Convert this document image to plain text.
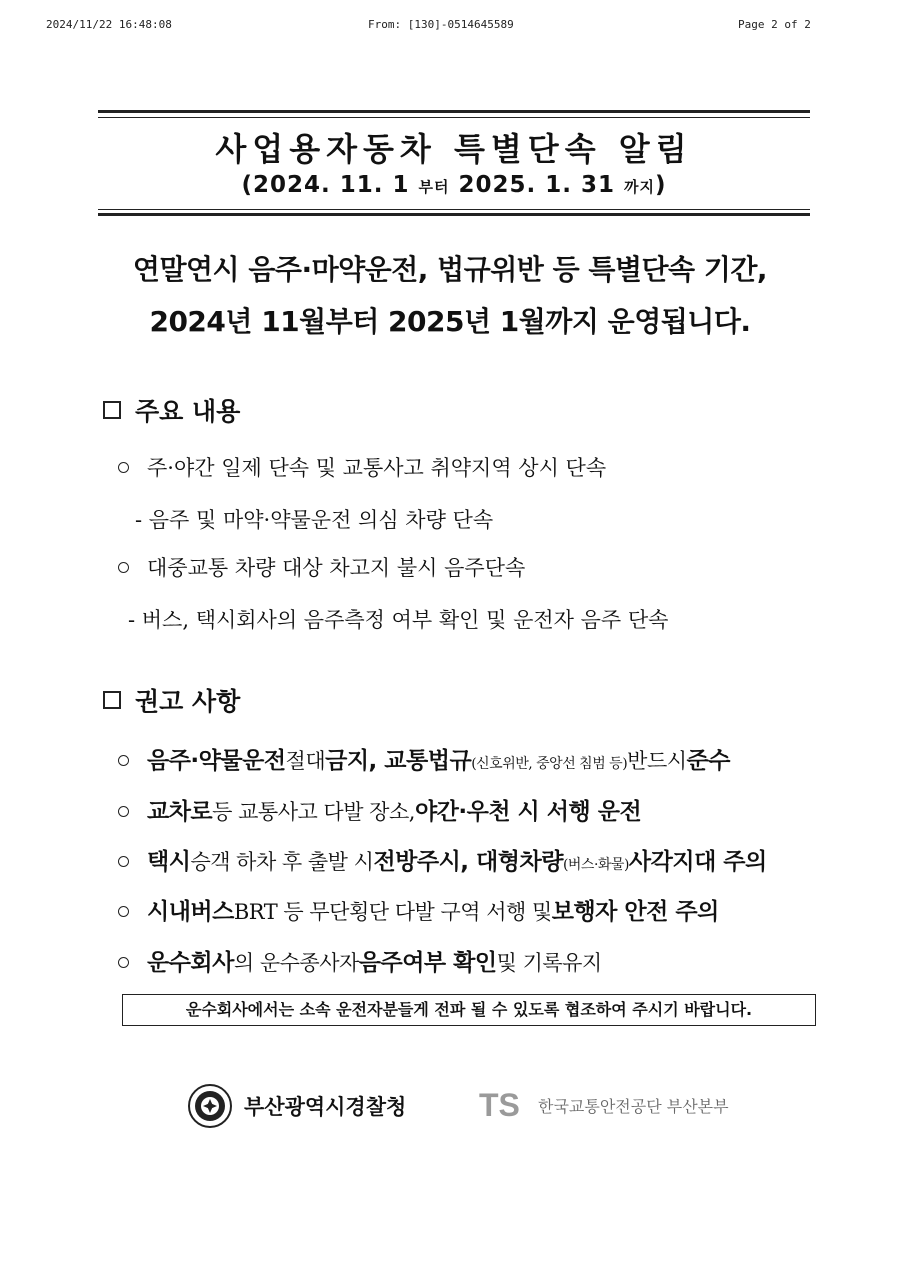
2024/11/22 16:48:08	From: [130]-0514645589	Page 2 of 2
사업용자동차 특별단속 알림
(2024. 11. 1 부터 2025. 1. 31 까지)
연말연시 음주·마약운전, 법규위반 등 특별단속 기간,
2024년 11월부터 2025년 1월까지 운영됩니다.
주요 내용
주·야간 일제 단속 및 교통사고 취약지역 상시 단속
- 음주 및 마약·약물운전 의심 차량 단속
대중교통 차량 대상 차고지 불시 음주단속
- 버스, 택시회사의 음주측정 여부 확인 및 운전자 음주 단속
권고 사항
음주·약물운전 절대 금지, 교통법규 (신호위반, 중앙선 침범 등) 반드시 준수
교차로 등 교통사고 다발 장소, 야간·우천 시 서행 운전
택시 승객 하차 후 출발 시 전방주시, 대형차량 (버스·화물) 사각지대 주의
시내버스 BRT 등 무단횡단 다발 구역 서행 및 보행자 안전 주의
운수회사 의 운수종사자 음주여부 확인 및 기록유지
운수회사에서는 소속 운전자분들게 전파 될 수 있도록 협조하여 주시기 바랍니다.
부산광역시경찰청 TS 한국교통안전공단 부산본부
